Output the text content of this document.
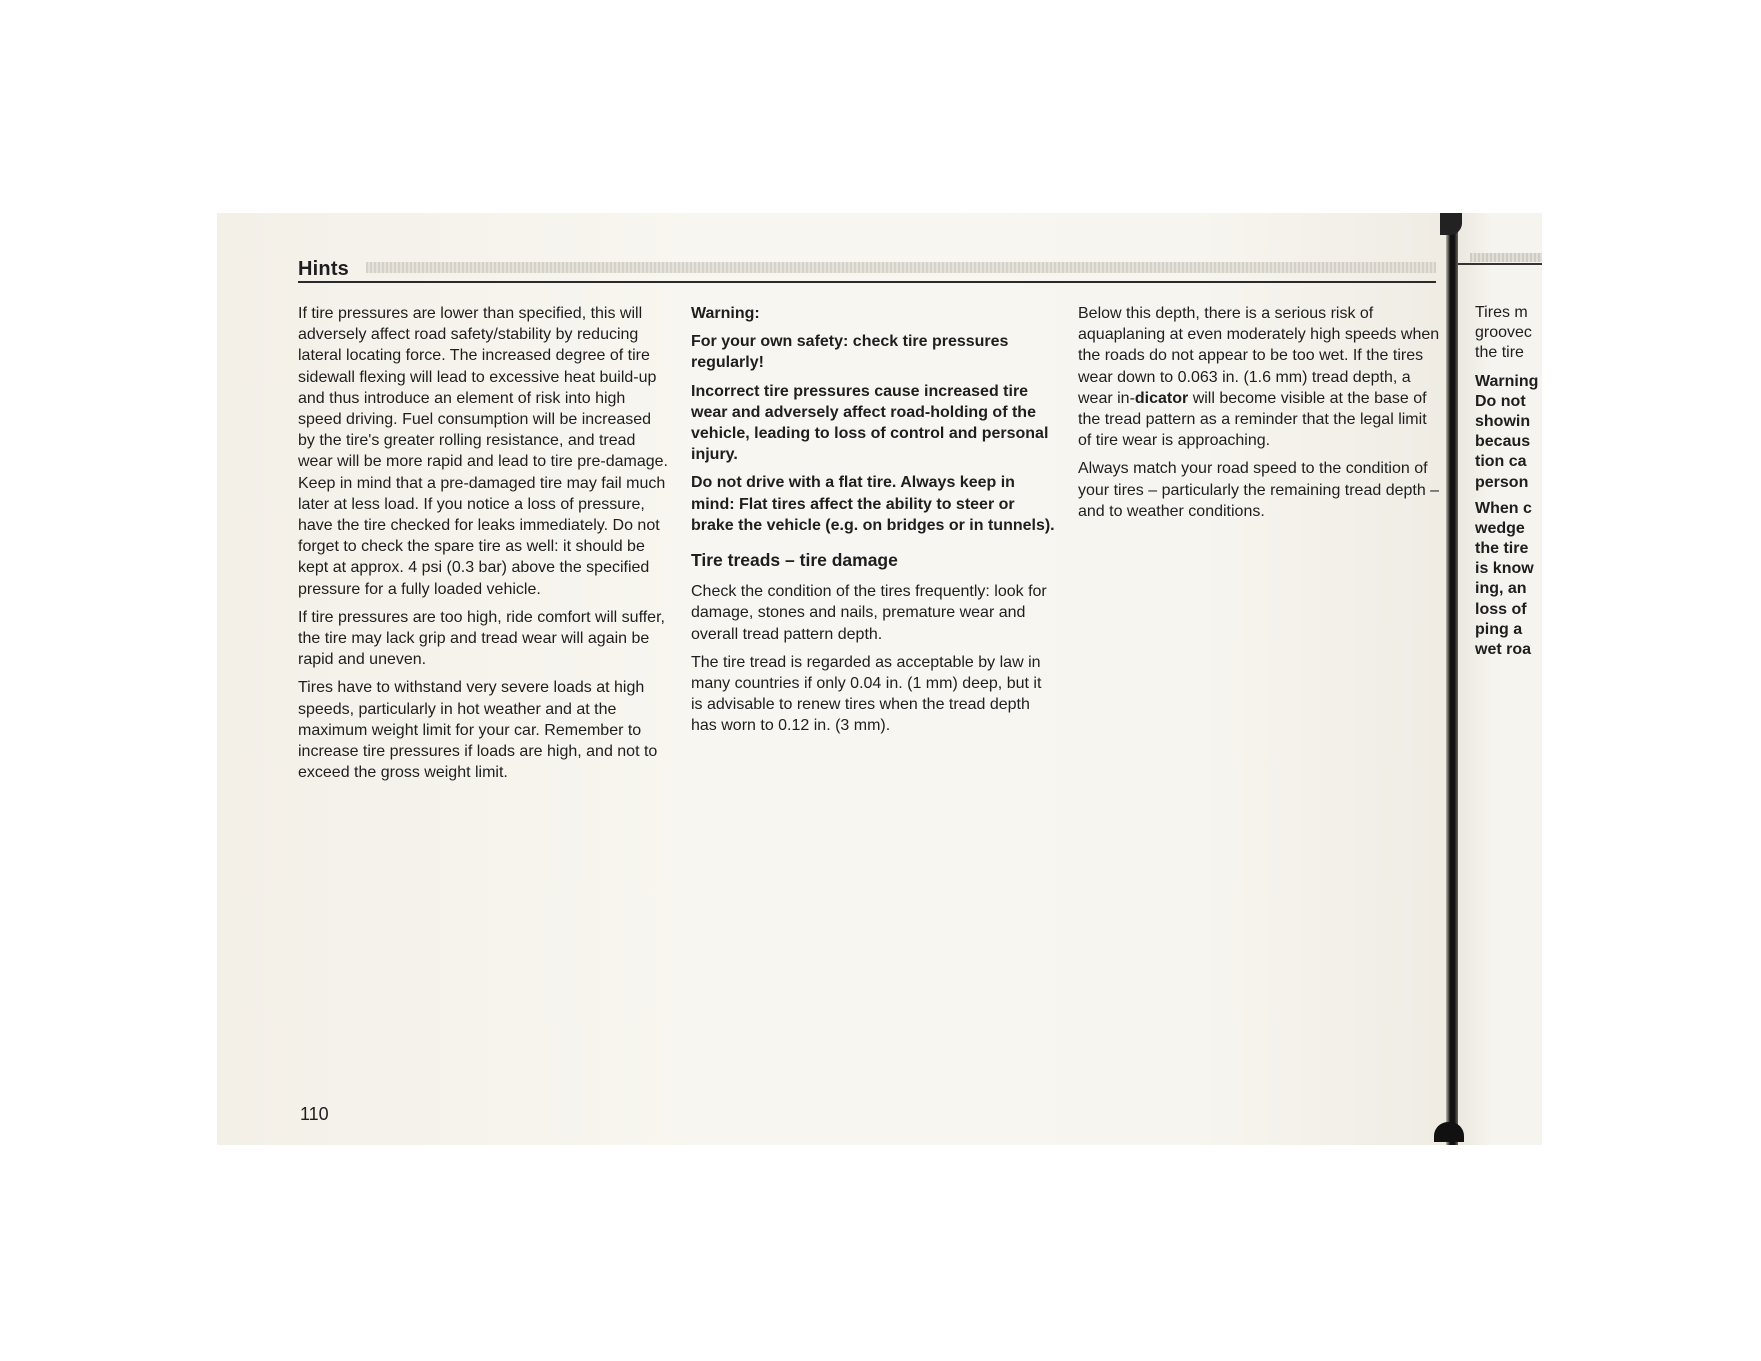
Tires m
groovec
the tire
Warning
Do not
showin
becaus
tion ca
person
When c
wedge
the tire
is know
ing, an
loss of
ping a
wet roa
Hints

If tire pressures are lower than specified, this will adversely affect road safety/stability by reducing lateral locating force. The increased degree of tire sidewall flexing will lead to excessive heat build-up and thus introduce an element of risk into high speed driving. Fuel consumption will be increased by the tire's greater rolling resistance, and tread wear will be more rapid and lead to tire pre-damage. Keep in mind that a pre-damaged tire may fail much later at less load. If you notice a loss of pressure, have the tire checked for leaks immediately. Do not forget to check the spare tire as well: it should be kept at approx. 4 psi (0.3 bar) above the specified pressure for a fully loaded vehicle.

If tire pressures are too high, ride comfort will suffer, the tire may lack grip and tread wear will again be rapid and uneven.

Tires have to withstand very severe loads at high speeds, particularly in hot weather and at the maximum weight limit for your car. Remember to increase tire pressures if loads are high, and not to exceed the gross weight limit.

Warning:

For your own safety: check tire pressures regularly!

Incorrect tire pressures cause increased tire wear and adversely affect road-holding of the vehicle, leading to loss of control and personal injury.

Do not drive with a flat tire. Always keep in mind: Flat tires affect the ability to steer or brake the vehicle (e.g. on bridges or in tunnels).

Tire treads – tire damage

Check the condition of the tires frequently: look for damage, stones and nails, premature wear and overall tread pattern depth.

The tire tread is regarded as acceptable by law in many countries if only 0.04 in. (1 mm) deep, but it is advisable to renew tires when the tread depth has worn to 0.12 in. (3 mm).

Below this depth, there is a serious risk of aquaplaning at even moderately high speeds when the roads do not appear to be too wet. If the tires wear down to 0.063 in. (1.6 mm) tread depth, a wear in-dicator will become visible at the base of the tread pattern as a reminder that the legal limit of tire wear is approaching.

Always match your road speed to the condition of your tires – particularly the remaining tread depth – and to weather conditions.

110
